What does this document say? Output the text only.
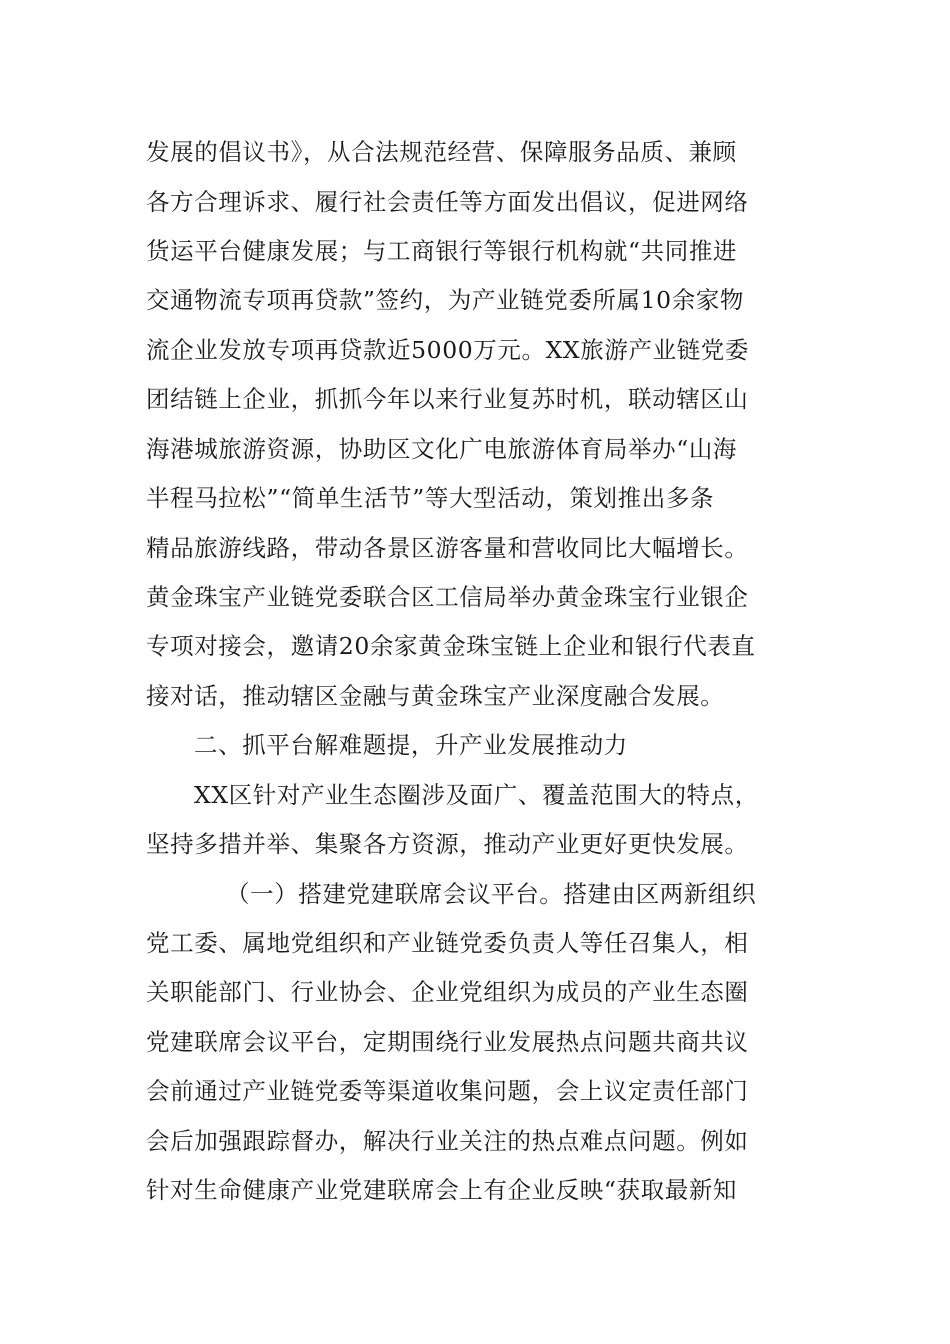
发展的倡议书》，从合法规范经营、保障服务品质、兼顾
各方合理诉求、履行社会责任等方面发出倡议，促进网络
货运平台健康发展；与工商银行等银行机构就“共同推进
交通物流专项再贷款”签约，为产业链党委所属10余家物
流企业发放专项再贷款近5000万元。XX旅游产业链党委
团结链上企业，抓抓今年以来行业复苏时机，联动辖区山
海港城旅游资源，协助区文化广电旅游体育局举办“山海
半程马拉松”“简单生活节”等大型活动，策划推出多条
精品旅游线路，带动各景区游客量和营收同比大幅增长。
黄金珠宝产业链党委联合区工信局举办黄金珠宝行业银企
专项对接会，邀请20余家黄金珠宝链上企业和银行代表直
接对话，推动辖区金融与黄金珠宝产业深度融合发展。
二、抓平台解难题提，升产业发展推动力
XX区针对产业生态圈涉及面广、覆盖范围大的特点，
坚持多措并举、集聚各方资源，推动产业更好更快发展。
（一）搭建党建联席会议平台。搭建由区两新组织
党工委、属地党组织和产业链党委负责人等任召集人，相
关职能部门、行业协会、企业党组织为成员的产业生态圈
党建联席会议平台，定期围绕行业发展热点问题共商共议
会前通过产业链党委等渠道收集问题，会上议定责任部门
会后加强跟踪督办，解决行业关注的热点难点问题。例如
针对生命健康产业党建联席会上有企业反映“获取最新知
